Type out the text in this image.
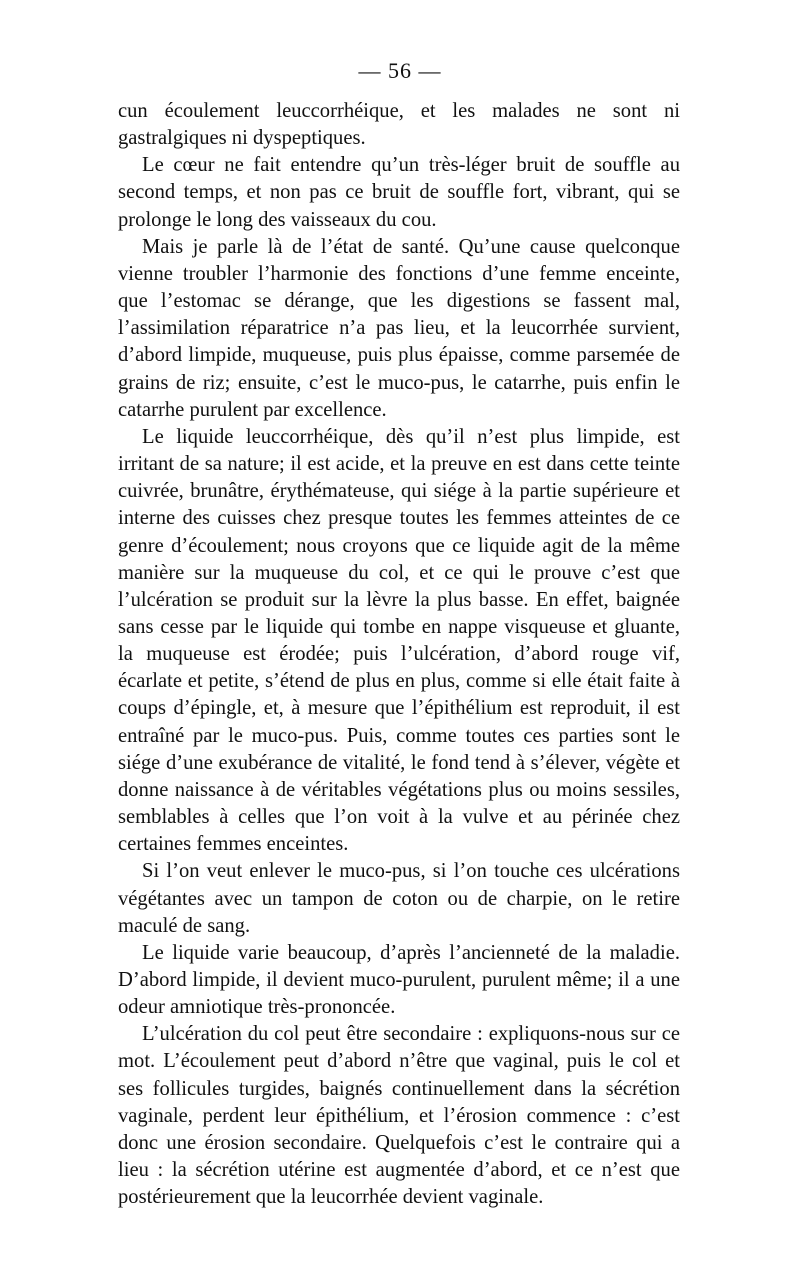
— 56 —

cun écoulement leuccorrhéique, et les malades ne sont ni gastralgiques ni dyspeptiques.

Le cœur ne fait entendre qu’un très-léger bruit de souffle au second temps, et non pas ce bruit de souffle fort, vibrant, qui se prolonge le long des vaisseaux du cou.

Mais je parle là de l’état de santé. Qu’une cause quelconque vienne troubler l’harmonie des fonctions d’une femme enceinte, que l’estomac se dérange, que les digestions se fassent mal, l’assimilation réparatrice n’a pas lieu, et la leucorrhée survient, d’abord limpide, muqueuse, puis plus épaisse, comme parsemée de grains de riz; ensuite, c’est le muco-pus, le catarrhe, puis enfin le catarrhe purulent par excellence.

Le liquide leuccorrhéique, dès qu’il n’est plus limpide, est irritant de sa nature; il est acide, et la preuve en est dans cette teinte cuivrée, brunâtre, érythémateuse, qui siége à la partie supérieure et interne des cuisses chez presque toutes les femmes atteintes de ce genre d’écoulement; nous croyons que ce liquide agit de la même manière sur la muqueuse du col, et ce qui le prouve c’est que l’ulcération se produit sur la lèvre la plus basse. En effet, baignée sans cesse par le liquide qui tombe en nappe visqueuse et gluante, la muqueuse est érodée; puis l’ulcération, d’abord rouge vif, écarlate et petite, s’étend de plus en plus, comme si elle était faite à coups d’épingle, et, à mesure que l’épithélium est reproduit, il est entraîné par le muco-pus. Puis, comme toutes ces parties sont le siége d’une exubérance de vitalité, le fond tend à s’élever, végète et donne naissance à de véritables végétations plus ou moins sessiles, semblables à celles que l’on voit à la vulve et au périnée chez certaines femmes enceintes.

Si l’on veut enlever le muco-pus, si l’on touche ces ulcérations végétantes avec un tampon de coton ou de charpie, on le retire maculé de sang.

Le liquide varie beaucoup, d’après l’ancienneté de la maladie. D’abord limpide, il devient muco-purulent, purulent même; il a une odeur amniotique très-prononcée.

L’ulcération du col peut être secondaire : expliquons-nous sur ce mot. L’écoulement peut d’abord n’être que vaginal, puis le col et ses follicules turgides, baignés continuellement dans la sécrétion vaginale, perdent leur épithélium, et l’érosion commence : c’est donc une érosion secondaire. Quelquefois c’est le contraire qui a lieu : la sécrétion utérine est augmentée d’abord, et ce n’est que postérieurement que la leucorrhée devient vaginale.
